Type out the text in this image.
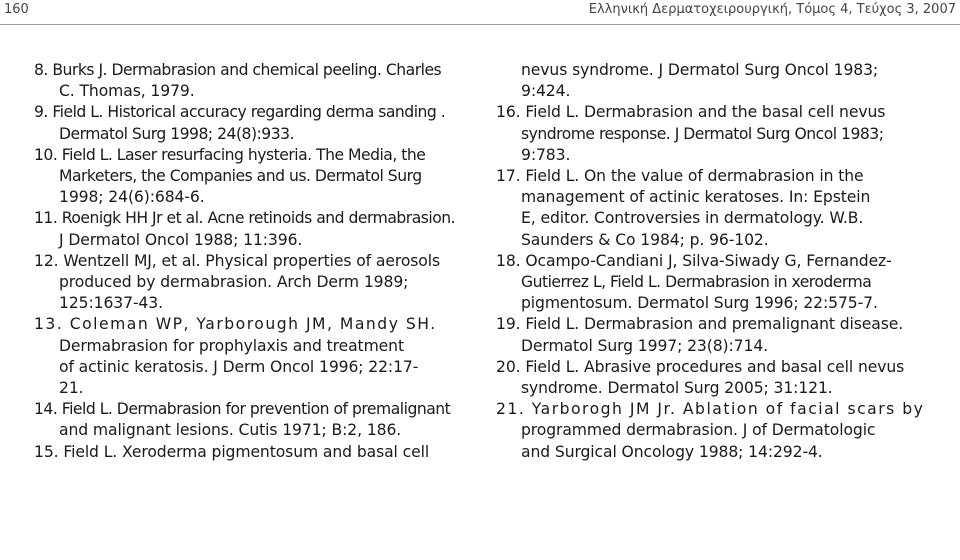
160	Ελληνική Δερματοχειρουργική, Τόμος 4, Τεύχος 3, 2007
8. Burks J. Dermabrasion and chemical peeling. Charles
C. Thomas, 1979.
9. Field L. Historical accuracy regarding derma sanding .
Dermatol Surg 1998; 24(8):933.
10. Field L. Laser resurfacing hysteria. The Media, the
Marketers, the Companies and us. Dermatol Surg
1998; 24(6):684-6.
11. Roenigk HH Jr et al. Acne retinoids and dermabrasion.
J Dermatol Oncol 1988; 11:396.
12. Wentzell MJ, et al. Physical properties of aerosols
produced by dermabrasion. Arch Derm 1989;
125:1637-43.
13. Coleman WP, Yarborough JM, Mandy SH.
Dermabrasion for prophylaxis and treatment
of actinic keratosis. J Derm Oncol 1996; 22:17-
21.
14. Field L. Dermabrasion for prevention of premalignant
and malignant lesions. Cutis 1971; B:2, 186.
15. Field L. Xeroderma pigmentosum and basal cell
nevus syndrome. J Dermatol Surg Oncol 1983;
9:424.
16. Field L. Dermabrasion and the basal cell nevus
syndrome response. J Dermatol Surg Oncol 1983;
9:783.
17. Field L. On the value of dermabrasion in the
management of actinic keratoses. In: Epstein
E, editor. Controversies in dermatology. W.B.
Saunders & Co 1984; p. 96-102.
18. Ocampo-Candiani J, Silva-Siwady G, Fernandez-
Gutierrez L, Field L. Dermabrasion in xeroderma
pigmentosum. Dermatol Surg 1996; 22:575-7.
19. Field L. Dermabrasion and premalignant disease.
Dermatol Surg 1997; 23(8):714.
20. Field L. Abrasive procedures and basal cell nevus
syndrome. Dermatol Surg 2005; 31:121.
21. Yarborogh JM Jr. Ablation of facial scars by
programmed dermabrasion. J of Dermatologic
and Surgical Oncology 1988; 14:292-4.
